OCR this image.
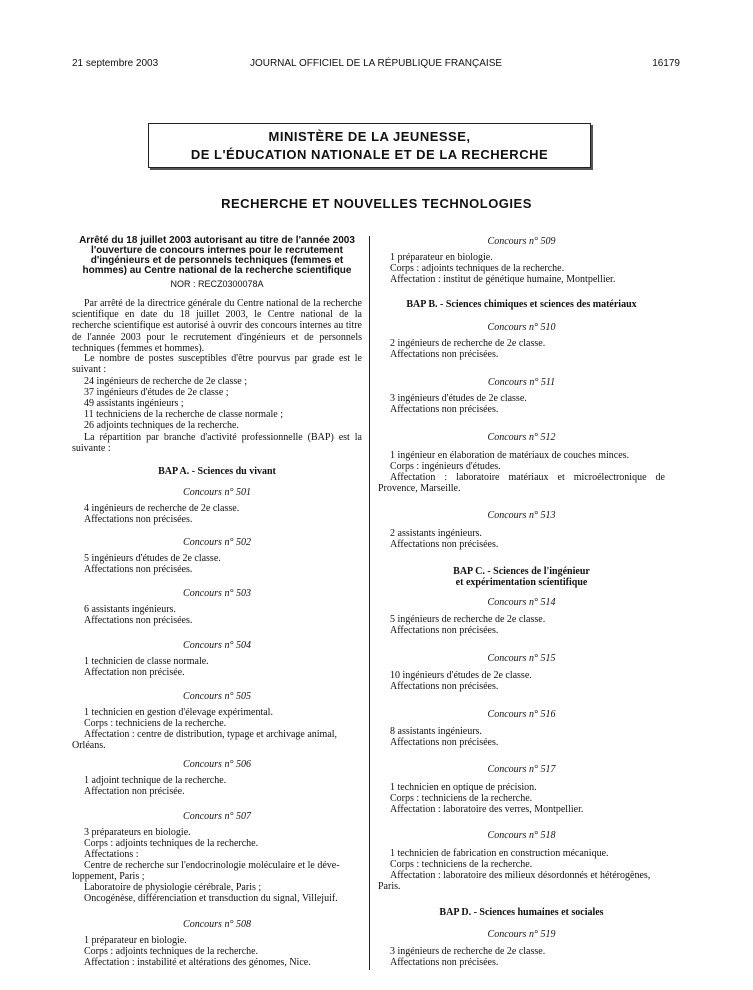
21 septembre 2003	JOURNAL OFFICIEL DE LA RÉPUBLIQUE FRANÇAISE	16179
MINISTÈRE DE LA JEUNESSE,
DE L'ÉDUCATION NATIONALE ET DE LA RECHERCHE
RECHERCHE ET NOUVELLES TECHNOLOGIES
Arrêté du 18 juillet 2003 autorisant au titre de l'année 2003
l'ouverture de concours internes pour le recrutement
d'ingénieurs et de personnels techniques (femmes et
hommes) au Centre national de la recherche scientifique
NOR : RECZ0300078A
Par arrêté de la directrice générale du Centre national de la recherche scientifique en date du 18 juillet 2003, le Centre national de la recherche scientifique est autorisé à ouvrir des concours internes au titre de l'année 2003 pour le recrutement d'ingénieurs et de personnels techniques (femmes et hommes).
Le nombre de postes susceptibles d'être pourvus par grade est le suivant :
24 ingénieurs de recherche de 2e classe ;
37 ingénieurs d'études de 2e classe ;
49 assistants ingénieurs ;
11 techniciens de la recherche de classe normale ;
26 adjoints techniques de la recherche.
La répartition par branche d'activité professionnelle (BAP) est la suivante :
BAP A. - Sciences du vivant
Concours n° 501
4 ingénieurs de recherche de 2e classe.
Affectations non précisées.
Concours n° 502
5 ingénieurs d'études de 2e classe.
Affectations non précisées.
Concours n° 503
6 assistants ingénieurs.
Affectations non précisées.
Concours n° 504
1 technicien de classe normale.
Affectation non précisée.
Concours n° 505
1 technicien en gestion d'élevage expérimental.
Corps : techniciens de la recherche.
Affectation : centre de distribution, typage et archivage animal,
Orléans.
Concours n° 506
1 adjoint technique de la recherche.
Affectation non précisée.
Concours n° 507
3 préparateurs en biologie.
Corps : adjoints techniques de la recherche.
Affectations :
Centre de recherche sur l'endocrinologie moléculaire et le déve-
loppement, Paris ;
Laboratoire de physiologie cérébrale, Paris ;
Oncogénèse, différenciation et transduction du signal, Villejuif.
Concours n° 508
1 préparateur en biologie.
Corps : adjoints techniques de la recherche.
Affectation : instabilité et altérations des génomes, Nice.
Concours n° 509
1 préparateur en biologie.
Corps : adjoints techniques de la recherche.
Affectation : institut de génétique humaine, Montpellier.
BAP B. - Sciences chimiques et sciences des matériaux
Concours n° 510
2 ingénieurs de recherche de 2e classe.
Affectations non précisées.
Concours n° 511
3 ingénieurs d'études de 2e classe.
Affectations non précisées.
Concours n° 512
1 ingénieur en élaboration de matériaux de couches minces.
Corps : ingénieurs d'études.
Affectation : laboratoire matériaux et microélectronique de
Provence, Marseille.
Concours n° 513
2 assistants ingénieurs.
Affectations non précisées.
BAP C. - Sciences de l'ingénieur
et expérimentation scientifique
Concours n° 514
5 ingénieurs de recherche de 2e classe.
Affectations non précisées.
Concours n° 515
10 ingénieurs d'études de 2e classe.
Affectations non précisées.
Concours n° 516
8 assistants ingénieurs.
Affectations non précisées.
Concours n° 517
1 technicien en optique de précision.
Corps : techniciens de la recherche.
Affectation : laboratoire des verres, Montpellier.
Concours n° 518
1 technicien de fabrication en construction mécanique.
Corps : techniciens de la recherche.
Affectation : laboratoire des milieux désordonnés et hétérogènes,
Paris.
BAP D. - Sciences humaines et sociales
Concours n° 519
3 ingénieurs de recherche de 2e classe.
Affectations non précisées.
